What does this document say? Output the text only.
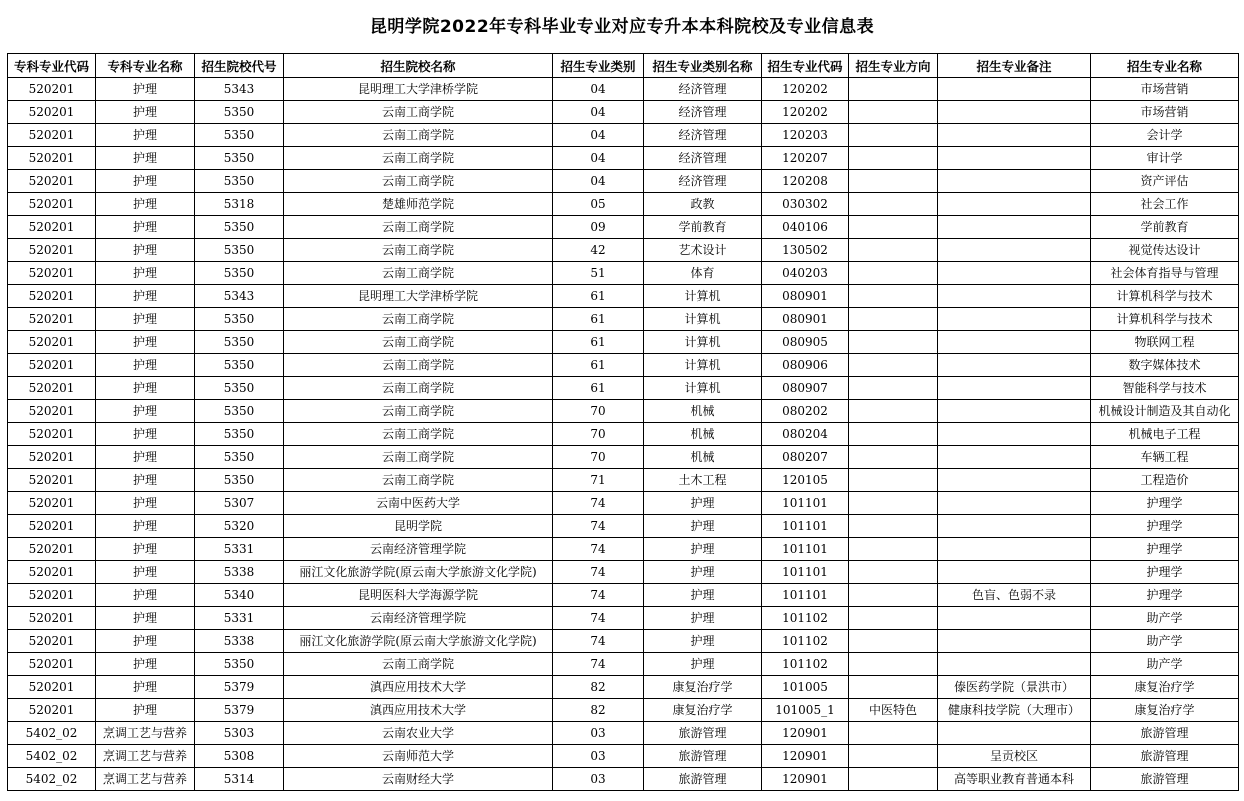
昆明学院2022年专科毕业专业对应专升本本科院校及专业信息表
专科专业代码	专科专业名称	招生院校代号	招生院校名称	招生专业类别	招生专业类别名称	招生专业代码	招生专业方向	招生专业备注	招生专业名称
520201	护理	5343	昆明理工大学津桥学院	04	经济管理	120202			市场营销
520201	护理	5350	云南工商学院	04	经济管理	120202			市场营销
520201	护理	5350	云南工商学院	04	经济管理	120203			会计学
520201	护理	5350	云南工商学院	04	经济管理	120207			审计学
520201	护理	5350	云南工商学院	04	经济管理	120208			资产评估
520201	护理	5318	楚雄师范学院	05	政教	030302			社会工作
520201	护理	5350	云南工商学院	09	学前教育	040106			学前教育
520201	护理	5350	云南工商学院	42	艺术设计	130502			视觉传达设计
520201	护理	5350	云南工商学院	51	体育	040203			社会体育指导与管理
520201	护理	5343	昆明理工大学津桥学院	61	计算机	080901			计算机科学与技术
520201	护理	5350	云南工商学院	61	计算机	080901			计算机科学与技术
520201	护理	5350	云南工商学院	61	计算机	080905			物联网工程
520201	护理	5350	云南工商学院	61	计算机	080906			数字媒体技术
520201	护理	5350	云南工商学院	61	计算机	080907			智能科学与技术
520201	护理	5350	云南工商学院	70	机械	080202			机械设计制造及其自动化
520201	护理	5350	云南工商学院	70	机械	080204			机械电子工程
520201	护理	5350	云南工商学院	70	机械	080207			车辆工程
520201	护理	5350	云南工商学院	71	土木工程	120105			工程造价
520201	护理	5307	云南中医药大学	74	护理	101101			护理学
520201	护理	5320	昆明学院	74	护理	101101			护理学
520201	护理	5331	云南经济管理学院	74	护理	101101			护理学
520201	护理	5338	丽江文化旅游学院(原云南大学旅游文化学院)	74	护理	101101			护理学
520201	护理	5340	昆明医科大学海源学院	74	护理	101101		色盲、色弱不录	护理学
520201	护理	5331	云南经济管理学院	74	护理	101102			助产学
520201	护理	5338	丽江文化旅游学院(原云南大学旅游文化学院)	74	护理	101102			助产学
520201	护理	5350	云南工商学院	74	护理	101102			助产学
520201	护理	5379	滇西应用技术大学	82	康复治疗学	101005		傣医药学院（景洪市）	康复治疗学
520201	护理	5379	滇西应用技术大学	82	康复治疗学	101005_1	中医特色	健康科技学院（大理市）	康复治疗学
5402_02	烹调工艺与营养	5303	云南农业大学	03	旅游管理	120901			旅游管理
5402_02	烹调工艺与营养	5308	云南师范大学	03	旅游管理	120901		呈贡校区	旅游管理
5402_02	烹调工艺与营养	5314	云南财经大学	03	旅游管理	120901		高等职业教育普通本科	旅游管理
